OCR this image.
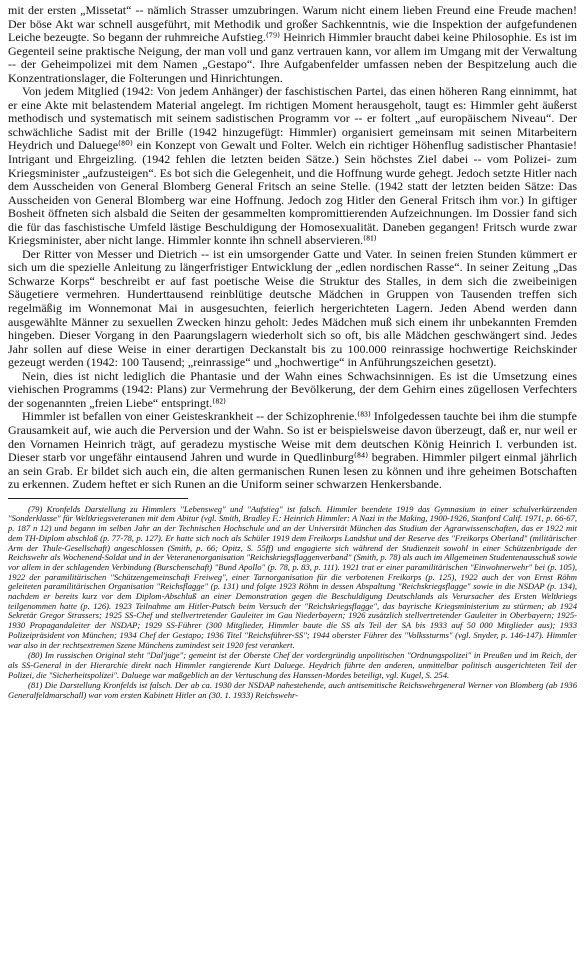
mit der ersten „Missetat“ -- nämlich Strasser umzubringen. Warum nicht einem lieben Freund eine Freude machen! Der böse Akt war schnell ausgeführt, mit Methodik und großer Sachkenntnis, wie die Inspektion der aufgefundenen Leiche bezeugte. So begann der ruhmreiche Aufstieg.⁽⁷⁹⁾ Heinrich Himmler braucht dabei keine Philosophie. Es ist im Gegenteil seine praktische Neigung, der man voll und ganz vertrauen kann, vor allem im Umgang mit der Verwaltung -- der Geheimpolizei mit dem Namen „Gestapo“. Ihre Aufgabenfelder umfassen neben der Bespitzelung auch die Konzentrationslager, die Folterungen und Hinrichtungen.

Von jedem Mitglied (1942: Von jedem Anhänger) der faschistischen Partei, das einen höheren Rang einnimmt, hat er eine Akte mit belastendem Material angelegt. Im richtigen Moment herausgeholt, taugt es: Himmler geht äußerst methodisch und systematisch mit seinem sadistischen Programm vor -- er foltert „auf europäischem Niveau“. Der schwächliche Sadist mit der Brille (1942 hinzugefügt: Himmler) organisiert gemeinsam mit seinen Mitarbeitern Heydrich und Daluege⁽⁸⁰⁾ ein Konzept von Gewalt und Folter. Welch ein richtiger Höhenflug sadistischer Phantasie! Intrigant und Ehrgeizling. (1942 fehlen die letzten beiden Sätze.) Sein höchstes Ziel dabei -- vom Polizei- zum Kriegsminister „aufzusteigen“. Es bot sich die Gelegenheit, und die Hoffnung wurde gehegt. Jedoch setzte Hitler nach dem Ausscheiden von General Blomberg General Fritsch an seine Stelle. (1942 statt der letzten beiden Sätze: Das Ausscheiden von General Blomberg war eine Hoffnung. Jedoch zog Hitler den General Fritsch ihm vor.) In giftiger Bosheit öffneten sich alsbald die Seiten der gesammelten kompromittierenden Aufzeichnungen. Im Dossier fand sich die für das faschistische Umfeld lästige Beschuldigung der Homosexualität. Daneben gegangen! Fritsch wurde zwar Kriegsminister, aber nicht lange. Himmler konnte ihn schnell abservieren.⁽⁸¹⁾

Der Ritter von Messer und Dietrich -- ist ein umsorgender Gatte und Vater. In seinen freien Stunden kümmert er sich um die spezielle Anleitung zu längerfristiger Entwicklung der „edlen nordischen Rasse“. In seiner Zeitung „Das Schwarze Korps“ beschreibt er auf fast poetische Weise die Struktur des Stalles, in dem sich die zweibeinigen Säugetiere vermehren. Hunderttausend reinblütige deutsche Mädchen in Gruppen von Tausenden treffen sich regelmäßig im Wonnemonat Mai in ausgesuchten, feierlich hergerichteten Lagern. Jeden Abend werden dann ausgewählte Männer zu sexuellen Zwecken hinzu geholt: Jedes Mädchen muß sich einem ihr unbekannten Fremden hingeben. Dieser Vorgang in den Paarungslagern wiederholt sich so oft, bis alle Mädchen geschwängert sind. Jedes Jahr sollen auf diese Weise in einer derartigen Deckanstalt bis zu 100.000 reinrassige hochwertige Reichskinder gezeugt werden (1942: 100 Tausend; „reinrassige“ und „hochwertige“ in Anführungszeichen gesetzt).

Nein, dies ist nicht lediglich die Phantasie und der Wahn eines Schwachsinnigen. Es ist die Umsetzung eines viehischen Programms (1942: Plans) zur Vermehrung der Bevölkerung, der dem Gehirn eines zügellosen Verfechters der sogenannten „freien Liebe“ entspringt.⁽⁸²⁾

Himmler ist befallen von einer Geisteskrankheit -- der Schizophrenie.⁽⁸³⁾ Infolgedessen tauchte bei ihm die stumpfe Grausamkeit auf, wie auch die Perversion und der Wahn. So ist er beispielsweise davon überzeugt, daß er, nur weil er den Vornamen Heinrich trägt, auf geradezu mystische Weise mit dem deutschen König Heinrich I. verbunden ist. Dieser starb vor ungefähr eintausend Jahren und wurde in Quedlinburg⁽⁸⁴⁾ begraben. Himmler pilgert einmal jährlich an sein Grab. Er bildet sich auch ein, die alten germanischen Runen lesen zu können und ihre geheimen Botschaften zu erkennen. Zudem heftet er sich Runen an die Uniform seiner schwarzen Henkersbande.

(79) Kronfelds Darstellung zu Himmlers "Lebensweg" und "Aufstieg" ist falsch. Himmler beendete 1919 das Gymnasium in einer schulverkürzenden "Sonderklasse" für Weltkriegsveteranen mit dem Abitur (vgl. Smith, Bradley F.: Heinrich Himmler: A Nazi in the Making, 1900-1926, Stanford Calif. 1971, p. 66-67, p. 187 n 12) und begann im selben Jahr an der Technischen Hochschule und an der Universität München das Studium der Agrarwissenschaften, das er 1922 mit dem TH-Diplom abschloß (p. 77-78, p. 127). Er hatte sich noch als Schüler 1919 dem Freikorps Landshut und der Reserve des "Freikorps Oberland" (militärischer Arm der Thule-Gesellschaft) angeschlossen (Smith, p. 66; Opitz, S. 55ff) und engagierte sich während der Studienzeit sowohl in einer Schützenbrigade der Reichswehr als Wochenend-Soldat und in der Veteranenorganisation "Reichskriegsflaggenverband" (Smith, p. 78) als auch im Allgemeinen Studentenausschuß sowie vor allem in der schlagenden Verbindung (Burschenschaft) "Bund Apollo" (p. 78, p. 83, p. 111). 1921 trat er einer paramilitärischen "Einwohnerwehr" bei (p. 105), 1922 der paramilitärischen "Schützengemeinschaft Freiweg", einer Tarnorganisation für die verbotenen Freikorps (p. 125), 1922 auch der von Ernst Röhm geleiteten paramilitärischen Organisation "Reichsflagge" (p. 131) und folgte 1923 Röhm in dessen Abspaltung "Reichskriegsflagge" sowie in die NSDAP (p. 134), nachdem er bereits kurz vor dem Diplom-Abschluß an einer Demonstration gegen die Beschuldigung Deutschlands als Verursacher des Ersten Weltkriegs teilgenommen hatte (p. 126). 1923 Teilnahme am Hitler-Putsch beim Versuch der "Reichskriegsflagge", das bayrische Kriegsministerium zu stürmen; ab 1924 Sekretär Gregor Strassers; 1925 SS-Chef und stellvertretender Gauleiter im Gau Niederbayern; 1926 zusätzlich stellvertretender Gauleiter in Oberbayern; 1925-1930 Propagandaleiter der NSDAP; 1929 SS-Führer (300 Mitglieder, Himmler baute die SS als Teil der SA bis 1933 auf 50 000 Mitglieder aus); 1933 Polizeipräsident von München; 1934 Chef der Gestapo; 1936 Titel "Reichsführer-SS"; 1944 oberster Führer des "Volkssturms" (vgl. Snyder, p. 146-147). Himmler war also in der rechtsextremen Szene Münchens zumindest seit 1920 fest verankert.

(80) Im russischen Original steht "Dal'juge"; gemeint ist der Oberste Chef der vordergründig unpolitischen "Ordnungspolizei" in Preußen und im Reich, der als SS-General in der Hierarchie direkt nach Himmler rangierende Kurt Daluege. Heydrich führte den anderen, unmittelbar politisch ausgerichteten Teil der Polizei, die "Sicherheitspolizei". Daluege war maßgeblich an der Vertuschung des Hanssen-Mordes beteiligt, vgl. Kugel, S. 254.

(81) Die Darstellung Kronfelds ist falsch. Der ab ca. 1930 der NSDAP nahestehende, auch antisemitische Reichswehrgeneral Werner von Blomberg (ab 1936 Generalfeldmarschall) war vom ersten Kabinett Hitler an (30. 1. 1933) Reichswehr-
